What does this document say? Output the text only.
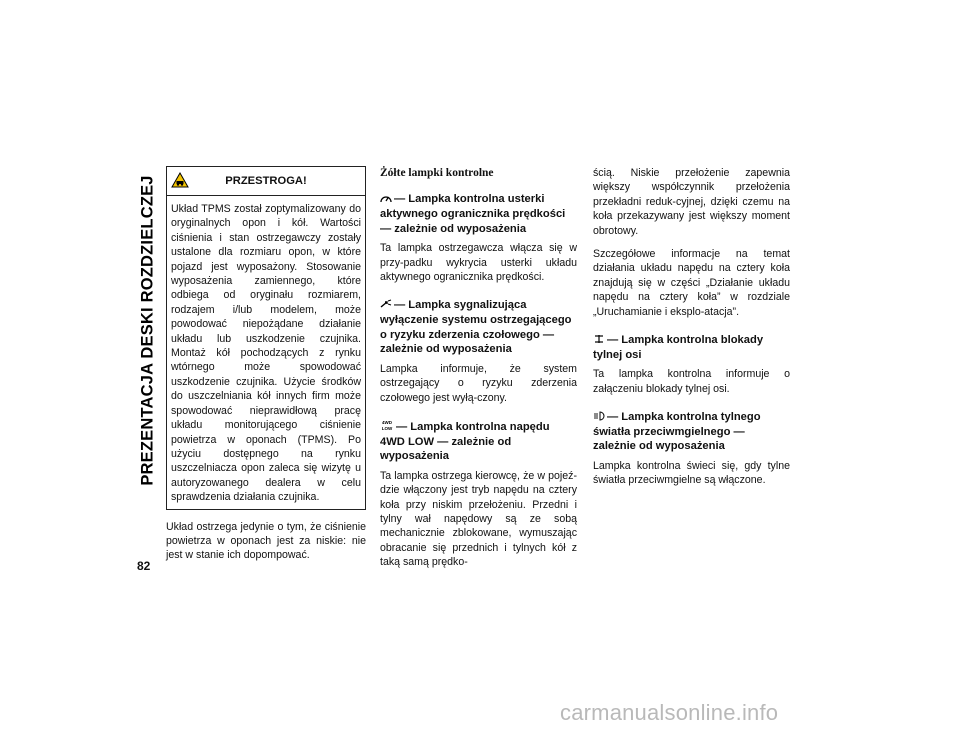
PREZENTACJA DESKI ROZDZIELCZEJ
82
PRZESTROGA!
Układ TPMS został zoptymalizowany do oryginalnych opon i kół. Wartości ciśnienia i stan ostrzegawczy zostały ustalone dla rozmiaru opon, w które pojazd jest wyposażony. Stosowanie wyposażenia zamiennego, które odbiega od oryginału rozmiarem, rodzajem i/lub modelem, może powodować niepożądane działanie układu lub uszkodzenie czujnika. Montaż kół pochodzących z rynku wtórnego może spowodować uszkodzenie czujnika. Użycie środków do uszczelniania kół innych firm może spowodować nieprawidłową pracę układu monitorującego ciśnienie powietrza w oponach (TPMS). Po użyciu dostępnego na rynku uszczelniacza opon zaleca się wizytę u autoryzowanego dealera w celu sprawdzenia działania czujnika.

Układ ostrzega jedynie o tym, że ciśnienie powietrza w oponach jest za niskie: nie jest w stanie ich dopompować.

Żółte lampki kontrolne
— Lampka kontrolna usterki aktywnego ogranicznika prędkości — zależnie od wyposażenia

Ta lampka ostrzegawcza włącza się w przy-padku wykrycia usterki układu aktywnego ogranicznika prędkości.

— Lampka sygnalizująca wyłączenie systemu ostrzegającego o ryzyku zderzenia czołowego — zależnie od wyposażenia

Lampka informuje, że system ostrzegający o ryzyku zderzenia czołowego jest wyłą-czony.

4WD
LOW — Lampka kontrolna napędu 4WD LOW — zależnie od wyposażenia

Ta lampka ostrzega kierowcę, że w pojeź-dzie włączony jest tryb napędu na cztery koła przy niskim przełożeniu. Przedni i tylny wał napędowy są ze sobą mechanicznie zblokowane, wymuszając obracanie się przednich i tylnych kół z taką samą prędko-

ścią. Niskie przełożenie zapewnia większy współczynnik przełożenia przekładni reduk-cyjnej, dzięki czemu na koła przekazywany jest większy moment obrotowy.

Szczegółowe informacje na temat działania układu napędu na cztery koła znajdują się w części „Działanie układu napędu na cztery koła” w rozdziale „Uruchamianie i eksplo-atacja”.

— Lampka kontrolna blokady tylnej osi

Ta lampka kontrolna informuje o załączeniu blokady tylnej osi.

— Lampka kontrolna tylnego światła przeciwmgielnego — zależnie od wyposażenia

Lampka kontrolna świeci się, gdy tylne światła przeciwmgielne są włączone.

carmanualsonline.info
